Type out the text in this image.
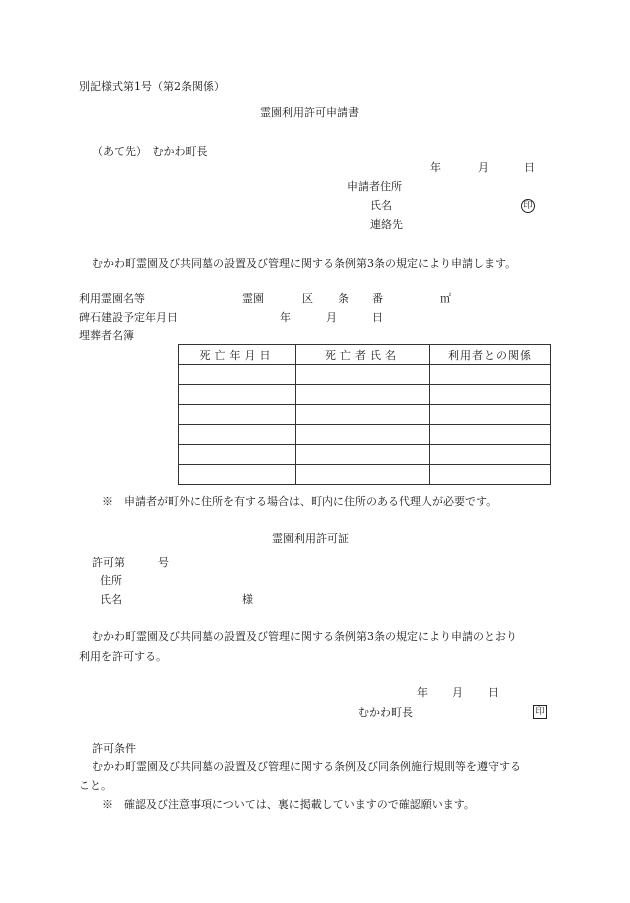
別記様式第1号（第2条関係）
霊園利用許可申請書
（あて先）　むかわ町長
年	月	日
申請者住所
氏名	印
連絡先
むかわ町霊園及び共同墓の設置及び管理に関する条例第3条の規定により申請します。
利用霊園名等	霊園	区 条 番	㎡
碑石建設予定年月日	年	月	日
埋葬者名簿
死亡年月日	死亡者氏名	利用者との関係

※　申請者が町外に住所を有する場合は、町内に住所のある代理人が必要です。
霊園利用許可証
許可第　　　号
住所
氏名	様
むかわ町霊園及び共同墓の設置及び管理に関する条例第3条の規定により申請のとおり
利用を許可する。
年 月 日
むかわ町長	印
許可条件
むかわ町霊園及び共同墓の設置及び管理に関する条例及び同条例施行規則等を遵守する
こと。
※　確認及び注意事項については、裏に掲載していますので確認願います。
